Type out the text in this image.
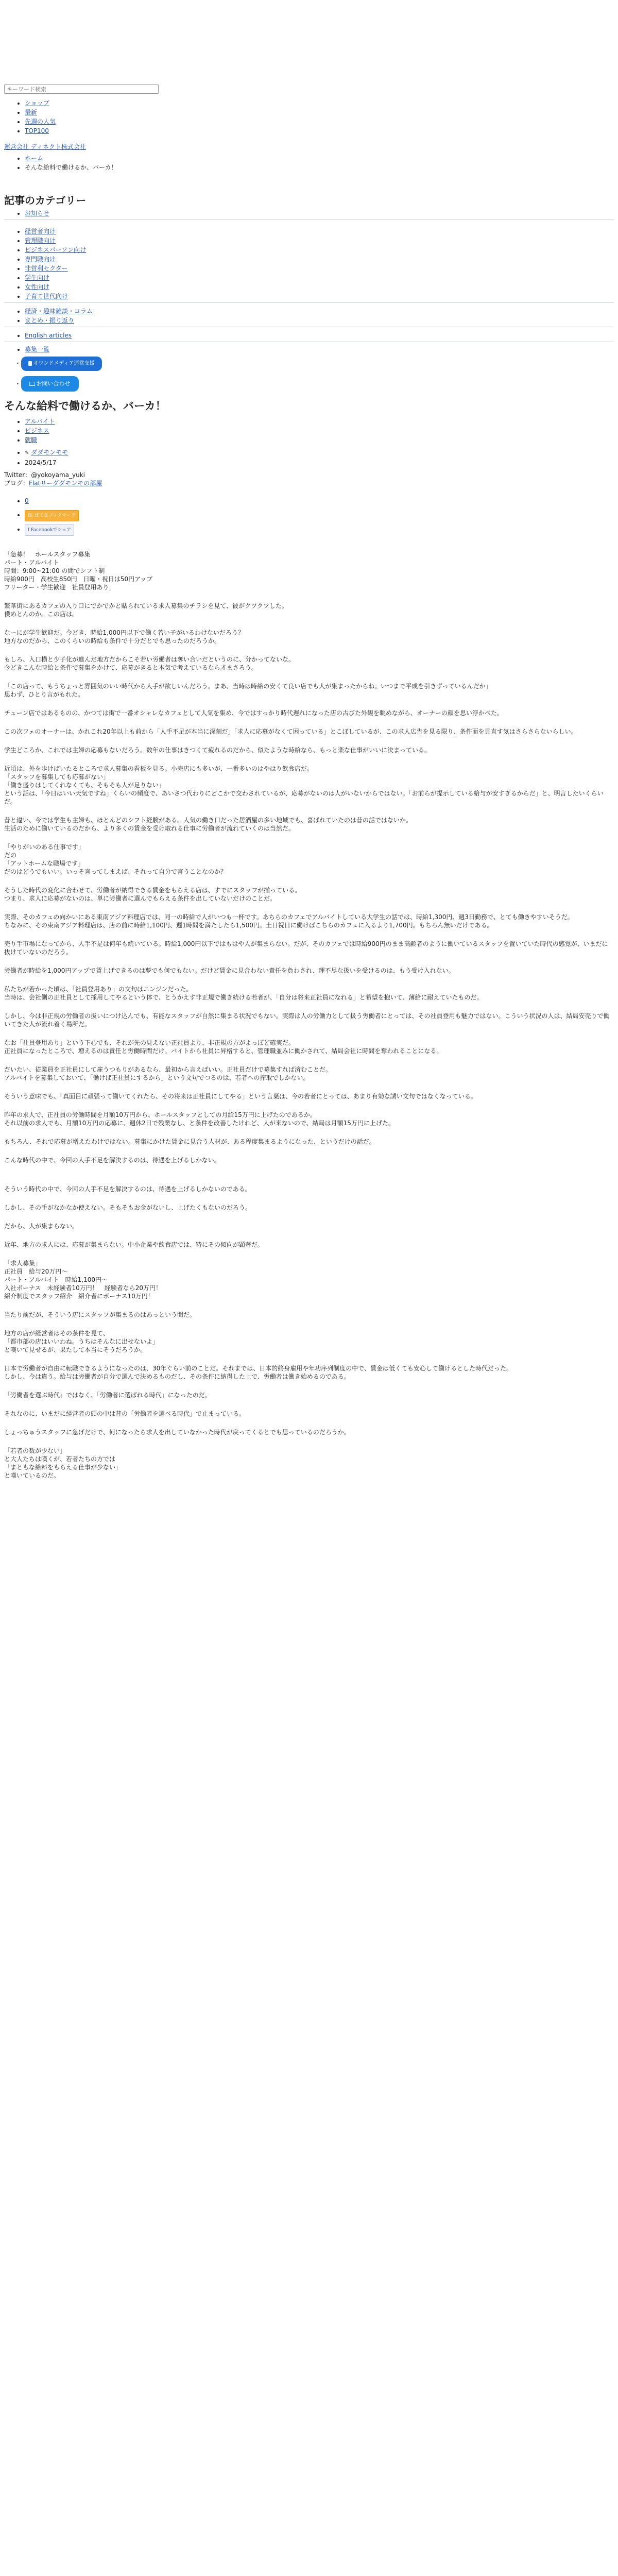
キーワード検索
• ショップ
• 最新
• 先週の人気
• TOP100
運営会社 ディネクト株式会社
• ホーム
• そんな給料で働けるか、バーカ！
記事のカテゴリー
• お知らせ
• 経営者向け
• 管理職向け
• ビジネスパーソン向け
• 専門職向け
• 非営利セクター
• 学生向け
• 女性向け
• 子育て世代向け
• 経済・趣味雑談・コラム
• まとめ・振り返り
• English articles
• 募集一覧
•	オウンドメディア運営支援
•	お問い合わせ
そんな給料で働けるか、バーカ！
• アルバイト
• ビジネス
• 就職
• ✎ ダダモンモモ
• 2024/5/17

Twitter：@yokoyama_yuki

ブログ：Flatリーダダモンモの部屋

• 0
• B! はてなブックマーク
• f Facebookでシェア

「急募！　ホールスタッフ募集

パート・アルバイト

時間：9:00~21:00 の間でシフト制

時給900円　高校生850円　日曜・祝日は50円アップ

フリーター・学生歓迎　社員登用あり」

繁華街にあるカフェの入り口にでかでかと貼られている求人募集のチラシを見て、彼がクツクツした。

僕めとんのか。この店は。

なーにが学生歓迎だ。今どき、時給1,000円以下で働く若い子がいるわけないだろう？

地方なのだから、このくらいの時給も条件で十分だとでも思ったのだろうか。

もしろ、入口横と少子化が進んだ地方だからこそ若い労働者は奪い合いだというのに、分かってないな。

今どきこんな時給と条件で募集をかけて、応募がきると本気で考えているなら才まさろう。

「この店って、もうちょっと雰囲気のいい時代から人手が欲しいんだろう。まあ、当時は時給の安くて良い店でも人が集まったからね。いつまで平成を引きずっているんだか」

思わず、ひとり言がもれた。

チェーン店ではあるものの、かつては街で一番オシャレなカフェとして人気を集め、今ではすっかり時代遅れになった店の古びた外観を眺めながら、オーナーの顔を思い浮かべた。

この次フェのオーナーは、かれこれ20年以上も前から「人手不足が本当に深刻だ」「求人に応募がなくて困っている」とこぼしているが、この求人広告を見る限り、条件面を見直す気はさらさらないらしい。

学生どころか、これでは主婦の応募もないだろう。数年の仕事はきつくて疲れるのだから、似たような時給なら、もっと楽な仕事がいいに決まっている。

近頃は、外を歩けばいたるところで求人募集の看板を見る。小売店にも多いが、一番多いのはやはり飲食店だ。

「スタッフを募集しても応募がない」

「働き盛りはしてくれなくても、そもそも人が足りない」

という話は、「今日はいい天気ですね」くらいの頻度で、あいさつ代わりにどこかで交わされているが、応募がないのは人がいないからではない。「お前らが提示している給与が安すぎるからだ」と、明言したいくらいだ。

昔と違い、今では学生も主婦も、ほとんどのシフト経験がある。人気の働き口だった居酒屋の多い地域でも、喜ばれていたのは昔の話ではないか。

生活のために働いているのだから、より多くの賃金を受け取れる仕事に労働者が流れていくのは当然だ。

「やりがいのある仕事です」

だの

「アットホームな職場です」

だのはどうでもいい。いっそ言ってしまえば、それって自分で言うことなのか？

そうした時代の変化に合わせて、労働者が納得できる賃金をもらえる店は、すでにスタッフが揃っている。

つまり、求人に応募がないのは、単に労働者に選んでもらえる条件を出していないだけのことだ。

実際、そのカフェの向かいにある東南アジア料理店では、同一の時給で人がいつも一杯です。あちらのカフェでアルバイトしている大学生の話では、時給1,300円、週3日勤務で、とても働きやすいそうだ。

ちなみに、その東南アジア料理店は、店の前に時給1,100円、週1時間を満たしたら1,500円。土日祝日に働けばこちらのカフェに入るより1,700円。もちろん無いだけである。

売り手市場になってから、人手不足は何年も続いている。時給1,000円以下ではもはや人が集まらない。だが、そのカフェでは時給900円のまま高齢者のように働いているスタッフを置いていた時代の感覚が、いまだに抜けていないのだろう。

労働者が時給を1,000円アップで賃上げできるのは夢でも何でもない。だけど賃金に見合わない責任を負わされ、理不尽な扱いを受けるのは、もう受け入れない。

私たちが若かった頃は、「社員登用あり」の文句はニンジンだった。

当時は、会社側の正社員として採用してやるという体で、とうかえす非正規で働き続ける若者が、「自分は将来正社員になれる」と希望を抱いて、薄給に耐えていたものだ。

しかし、今は非正規の労働者の扱いにつけ込んでも、有能なスタッフが自然に集まる状況でもない。実際は人の労働力として扱う労働者にとっては、その社員登用も魅力ではない。こういう状況の人は、結局安売りで働いてきた人が流れ着く場所だ。

なお「社員登用あり」という下心でも、それが先の見えない正社員より、非正規の方がよっぽど確実だ。

正社員になったところで、増えるのは責任と労働時間だけ。バイトから社員に昇格すると、管理職並みに働かされて、結局会社に時間を奪われることになる。

だいたい、従業員を正社員にして雇うつもりがあるなら、最初から言えばいい。正社員だけで募集すれば済むことだ。

アルバイトを募集しておいて、「働けば正社員にするから」という文句でつるのは、若者への搾取でしかない。

そういう意味でも、「真面目に頑張って働いてくれたら、その将来は正社員にしてやる」という言葉は、今の若者にとっては、あまり有効な誘い文句ではなくなっている。

昨年の求人で、正社員の労働時間を月額10万円から、ホールスタッフとしての月給15万円に上げたのであるか。

それ以前の求人でも、月額10万円の応募に、週休2日で残業なし、と条件を改善したけれど、人が来ないので、結局は月額15万円に上げた。

もちろん、それで応募が増えたわけではない。募集にかけた賃金に見合う人材が、ある程度集まるようになった、というだけの話だ。

こんな時代の中で、今回の人手不足を解決するのは、待遇を上げるしかない。

そういう時代の中で、今回の人手不足を解決するのは、待遇を上げるしかないのである。

しかし、その手がなかなか使えない。そもそもお金がないし、上げたくもないのだろう。

だから、人が集まらない。

近年、地方の求人には、応募が集まらない。中小企業や飲食店では、特にその傾向が顕著だ。

「求人募集」

正社員　給与20万円～

パート・アルバイト　時給1,100円～

入社ボーナス　未経験者10万円！　経験者なら20万円！

紹介制度でスタッフ紹介　紹介者にボーナス10万円！

当たり前だが、そういう店にスタッフが集まるのはあっという間だ。

地方の店が経営者はその条件を見て、

「都市部の店はいいわね。うちはそんなに出せないよ」

と嘆いて見せるが、果たして本当にそうだろうか。

日本で労働者が自由に転職できるようになったのは、30年ぐらい前のことだ。それまでは、日本的終身雇用や年功序列制度の中で、賃金は低くても安心して働けるとした時代だった。

しかし、今は違う。給与は労働者が自分で選んで決めるものだし、その条件に納得した上で、労働者は働き始めるのである。

「労働者を選ぶ時代」ではなく、「労働者に選ばれる時代」になったのだ。

それなのに、いまだに経営者の頭の中は昔の「労働者を選べる時代」で止まっている。

しょっちゅうスタッフに急げだけで、何になったら求人を出していなかった時代が戻ってくるとでも思っているのだろうか。

「若者の数が少ない」

と大人たちは嘆くが、若者たちの方では

「まともな給料をもらえる仕事が少ない」

と嘆いているのだ。
